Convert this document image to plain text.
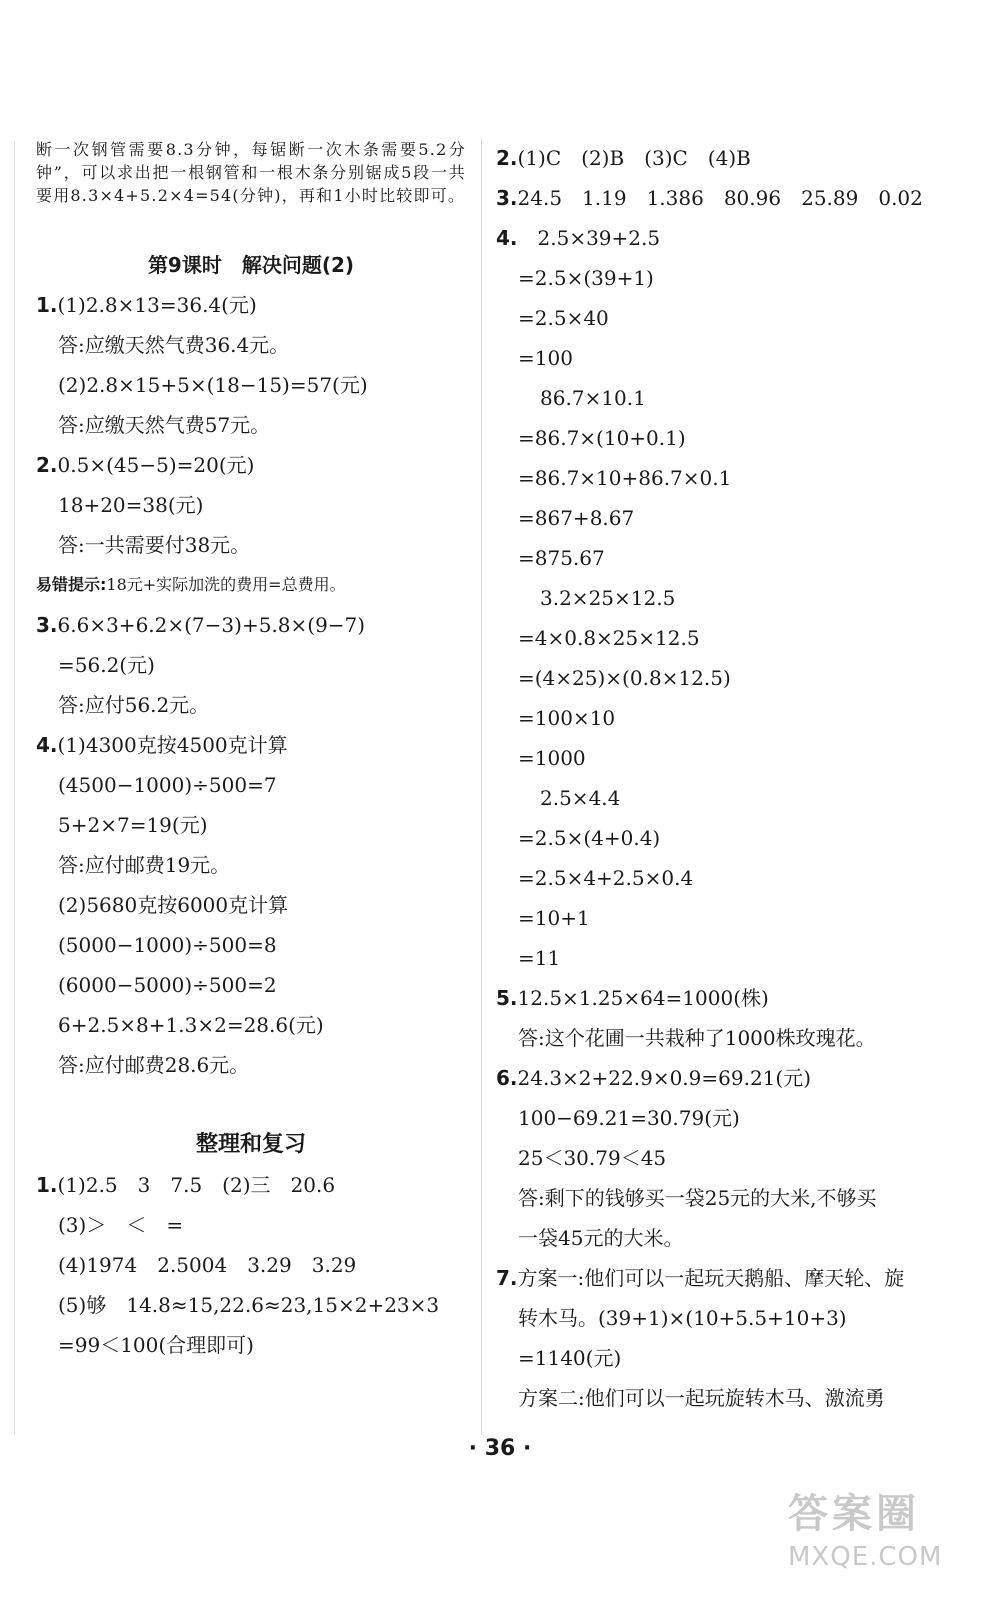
断一次钢管需要8.3分钟，每锯断一次木条需要5.2分钟”，可以求出把一根钢管和一根木条分别锯成5段一共要用8.3×4+5.2×4=54(分钟)，再和1小时比较即可。
第9课时　解决问题(2)
1.(1)2.8×13=36.4(元)
答:应缴天然气费36.4元。
(2)2.8×15+5×(18−15)=57(元)
答:应缴天然气费57元。
2.0.5×(45−5)=20(元)
18+20=38(元)
答:一共需要付38元。
易错提示:18元+实际加洗的费用=总费用。
3.6.6×3+6.2×(7−3)+5.8×(9−7)
=56.2(元)
答:应付56.2元。
4.(1)4300克按4500克计算
(4500−1000)÷500=7
5+2×7=19(元)
答:应付邮费19元。
(2)5680克按6000克计算
(5000−1000)÷500=8
(6000−5000)÷500=2
6+2.5×8+1.3×2=28.6(元)
答:应付邮费28.6元。
整理和复习
1.(1)2.5　3　7.5　(2)三　20.6
(3)＞　＜　=
(4)1974　2.5004　3.29　3.29
(5)够　14.8≈15,22.6≈23,15×2+23×3
=99＜100(合理即可)
2.(1)C　(2)B　(3)C　(4)B
3.24.5　1.19　1.386　80.96　25.89　0.02
4.　2.5×39+2.5
=2.5×(39+1)
=2.5×40
=100
86.7×10.1
=86.7×(10+0.1)
=86.7×10+86.7×0.1
=867+8.67
=875.67
3.2×25×12.5
=4×0.8×25×12.5
=(4×25)×(0.8×12.5)
=100×10
=1000
2.5×4.4
=2.5×(4+0.4)
=2.5×4+2.5×0.4
=10+1
=11
5.12.5×1.25×64=1000(株)
答:这个花圃一共栽种了1000株玫瑰花。
6.24.3×2+22.9×0.9=69.21(元)
100−69.21=30.79(元)
25＜30.79＜45
答:剩下的钱够买一袋25元的大米,不够买
一袋45元的大米。
7.方案一:他们可以一起玩天鹅船、摩天轮、旋
转木马。(39+1)×(10+5.5+10+3)
=1140(元)
方案二:他们可以一起玩旋转木马、激流勇
· 36 ·
答案圈
MXQE.COM
